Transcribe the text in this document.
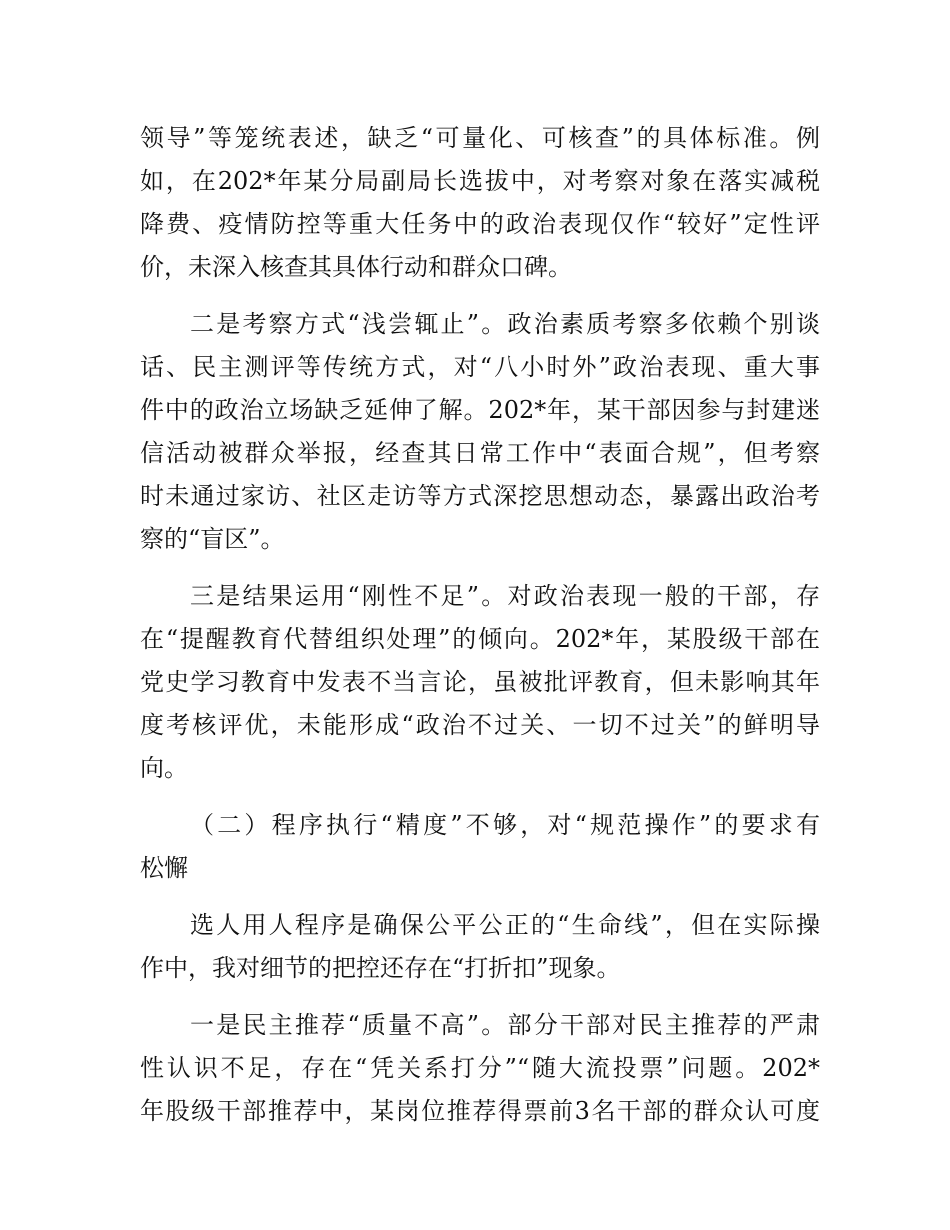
领导”等笼统表述，缺乏“可量化、可核查”的具体标准。例
如，在202*年某分局副局长选拔中，对考察对象在落实减税
降费、疫情防控等重大任务中的政治表现仅作“较好”定性评
价，未深入核查其具体行动和群众口碑。
二是考察方式“浅尝辄止”。政治素质考察多依赖个别谈
话、民主测评等传统方式，对“八小时外”政治表现、重大事
件中的政治立场缺乏延伸了解。202*年，某干部因参与封建迷
信活动被群众举报，经查其日常工作中“表面合规”，但考察
时未通过家访、社区走访等方式深挖思想动态，暴露出政治考
察的“盲区”。
三是结果运用“刚性不足”。对政治表现一般的干部，存
在“提醒教育代替组织处理”的倾向。202*年，某股级干部在
党史学习教育中发表不当言论，虽被批评教育，但未影响其年
度考核评优，未能形成“政治不过关、一切不过关”的鲜明导
向。
（二）程序执行“精度”不够，对“规范操作”的要求有
松懈
选人用人程序是确保公平公正的“生命线”，但在实际操
作中，我对细节的把控还存在“打折扣”现象。
一是民主推荐“质量不高”。部分干部对民主推荐的严肃
性认识不足，存在“凭关系打分”“随大流投票”问题。202*
年股级干部推荐中，某岗位推荐得票前3名干部的群众认可度
